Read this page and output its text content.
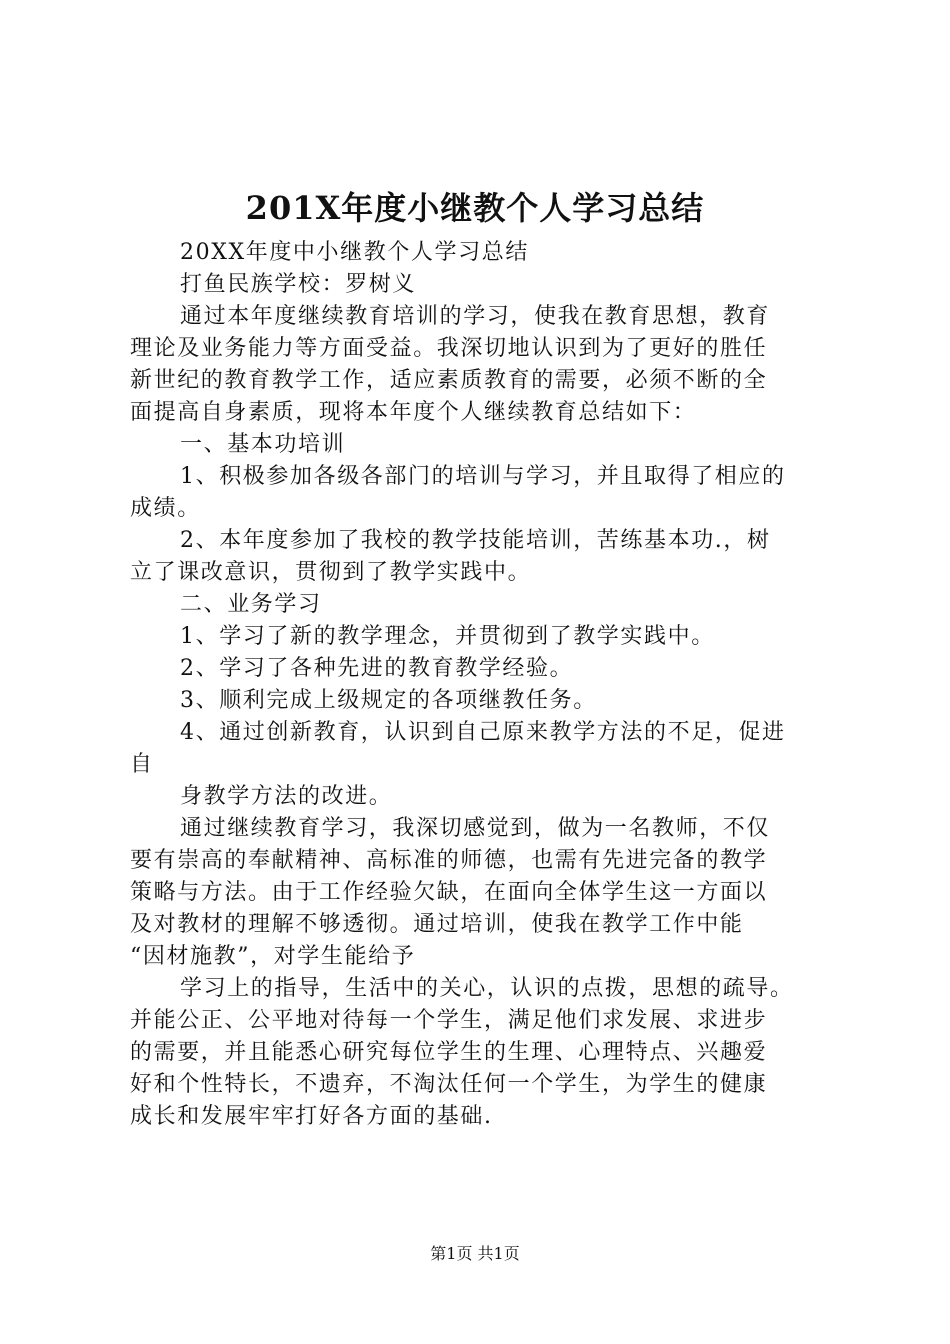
201X年度小继教个人学习总结

20XX年度中小继教个人学习总结

打鱼民族学校：罗树义

通过本年度继续教育培训的学习，使我在教育思想，教育

理论及业务能力等方面受益。我深切地认识到为了更好的胜任

新世纪的教育教学工作，适应素质教育的需要，必须不断的全

面提高自身素质，现将本年度个人继续教育总结如下：

一、基本功培训

1、积极参加各级各部门的培训与学习，并且取得了相应的

成绩。

2、本年度参加了我校的教学技能培训，苦练基本功.，树

立了课改意识，贯彻到了教学实践中。

二、业务学习

1、学习了新的教学理念，并贯彻到了教学实践中。

2、学习了各种先进的教育教学经验。

3、顺利完成上级规定的各项继教任务。

4、通过创新教育，认识到自己原来教学方法的不足，促进

自

身教学方法的改进。

通过继续教育学习，我深切感觉到，做为一名教师，不仅

要有崇高的奉献精神、高标准的师德，也需有先进完备的教学

策略与方法。由于工作经验欠缺，在面向全体学生这一方面以

及对教材的理解不够透彻。通过培训，使我在教学工作中能

“因材施教”，对学生能给予

学习上的指导，生活中的关心，认识的点拨，思想的疏导。

并能公正、公平地对待每一个学生，满足他们求发展、求进步

的需要，并且能悉心研究每位学生的生理、心理特点、兴趣爱

好和个性特长，不遗弃，不淘汰任何一个学生，为学生的健康

成长和发展牢牢打好各方面的基础.

第1页 共1页
